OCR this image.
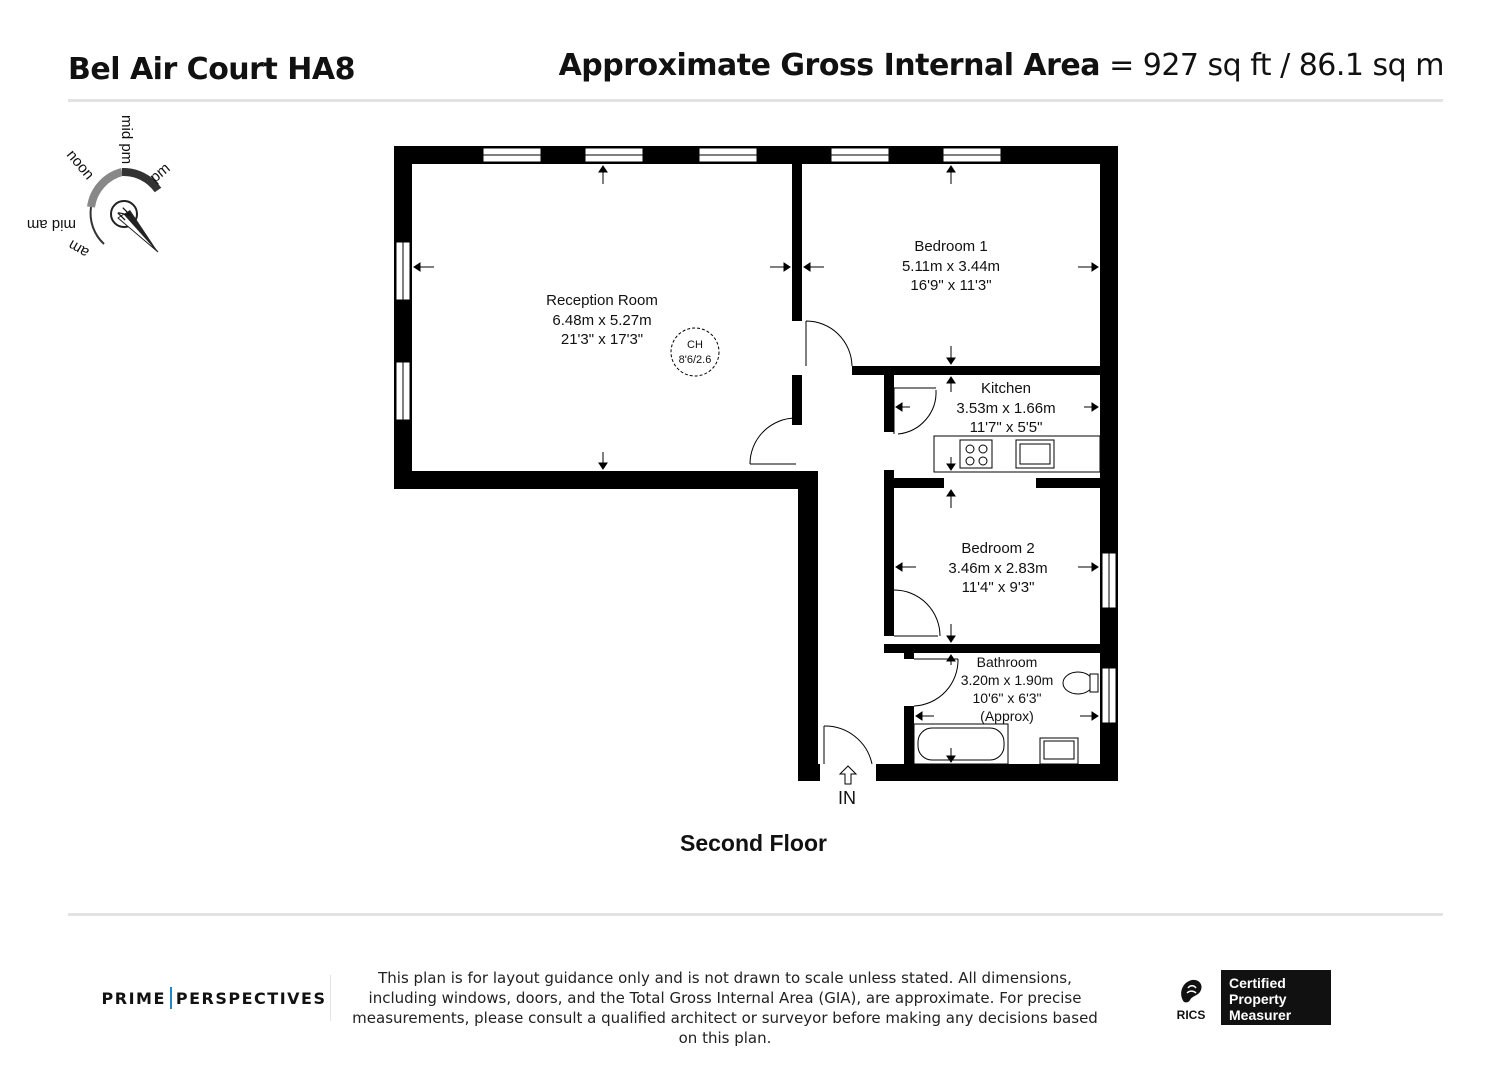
Bel Air Court HA8	Approximate Gross Internal Area = 927 sq ft / 86.1 sq m
N
mid pm
noon	pm
mid am
am
CH
8'6/2.6
Reception Room
6.48m x 5.27m
21'3" x 17'3"
Bedroom 1
5.11m x 3.44m
16'9" x 11'3"
Kitchen
3.53m x 1.66m
11'7" x 5'5"
Bedroom 2
3.46m x 2.83m
11'4" x 9'3"
Bathroom
3.20m x 1.90m
10'6" x 6'3"
(Approx)
IN
Second Floor
PRIME PERSPECTIVES
This plan is for layout guidance only and is not drawn to scale unless stated. All dimensions, including windows, doors, and the Total Gross Internal Area (GIA), are approximate. For precise measurements, please consult a qualified architect or surveyor before making any decisions based on this plan.
RICS
Certified
Property
Measurer
